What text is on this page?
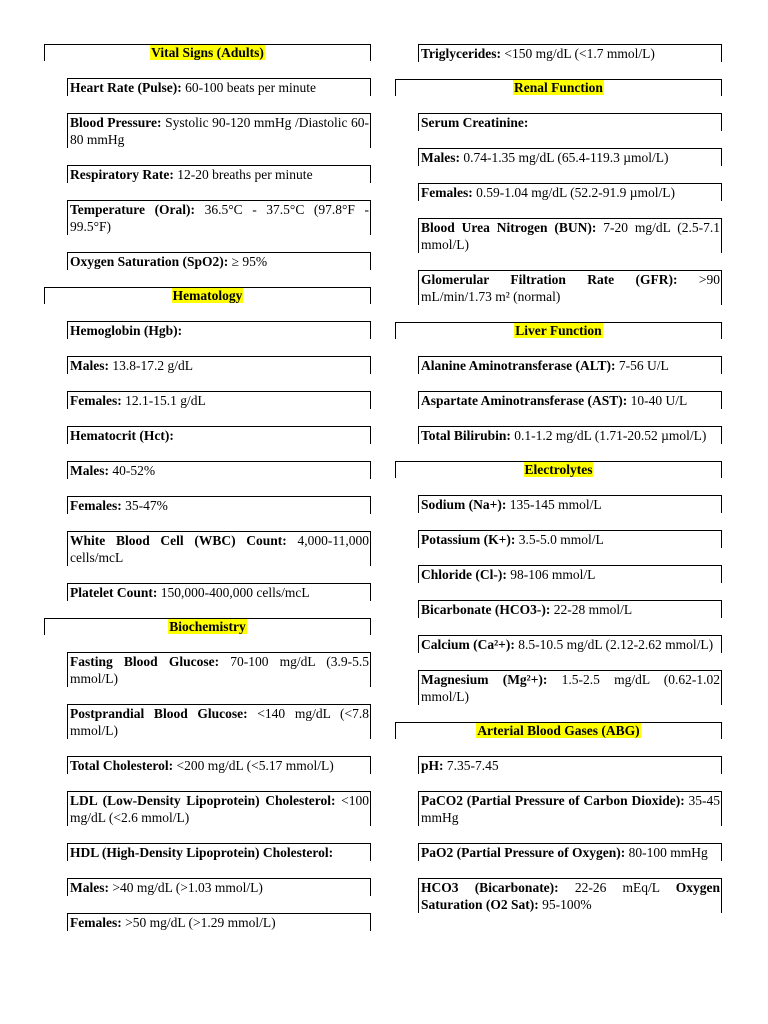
Vital Signs (Adults)
Heart Rate (Pulse): 60-100 beats per minute
Blood Pressure: Systolic 90-120 mmHg /Diastolic 60-80 mmHg
Respiratory Rate: 12-20 breaths per minute
Temperature (Oral): 36.5°C - 37.5°C (97.8°F - 99.5°F)
Oxygen Saturation (SpO2): ≥ 95%
Hematology
Hemoglobin (Hgb):
Males: 13.8-17.2 g/dL
Females: 12.1-15.1 g/dL
Hematocrit (Hct):
Males: 40-52%
Females: 35-47%
White Blood Cell (WBC) Count: 4,000-11,000 cells/mcL
Platelet Count: 150,000-400,000 cells/mcL
Biochemistry
Fasting Blood Glucose: 70-100 mg/dL (3.9-5.5 mmol/L)
Postprandial Blood Glucose: <140 mg/dL (<7.8 mmol/L)
Total Cholesterol: <200 mg/dL (<5.17 mmol/L)
LDL (Low-Density Lipoprotein) Cholesterol: <100 mg/dL (<2.6 mmol/L)
HDL (High-Density Lipoprotein) Cholesterol:
Males: >40 mg/dL (>1.03 mmol/L)
Females: >50 mg/dL (>1.29 mmol/L)
Triglycerides: <150 mg/dL (<1.7 mmol/L)
Renal Function
Serum Creatinine:
Males: 0.74-1.35 mg/dL (65.4-119.3 µmol/L)
Females: 0.59-1.04 mg/dL (52.2-91.9 µmol/L)
Blood Urea Nitrogen (BUN): 7-20 mg/dL (2.5-7.1 mmol/L)
Glomerular Filtration Rate (GFR): >90 mL/min/1.73 m² (normal)
Liver Function
Alanine Aminotransferase (ALT): 7-56 U/L
Aspartate Aminotransferase (AST): 10-40 U/L
Total Bilirubin: 0.1-1.2 mg/dL (1.71-20.52 µmol/L)
Electrolytes
Sodium (Na+): 135-145 mmol/L
Potassium (K+): 3.5-5.0 mmol/L
Chloride (Cl-): 98-106 mmol/L
Bicarbonate (HCO3-): 22-28 mmol/L
Calcium (Ca²+): 8.5-10.5 mg/dL (2.12-2.62 mmol/L)
Magnesium (Mg²+): 1.5-2.5 mg/dL (0.62-1.02 mmol/L)
Arterial Blood Gases (ABG)
pH: 7.35-7.45
PaCO2 (Partial Pressure of Carbon Dioxide): 35-45 mmHg
PaO2 (Partial Pressure of Oxygen): 80-100 mmHg
HCO3 (Bicarbonate): 22-26 mEq/L Oxygen Saturation (O2 Sat): 95-100%
